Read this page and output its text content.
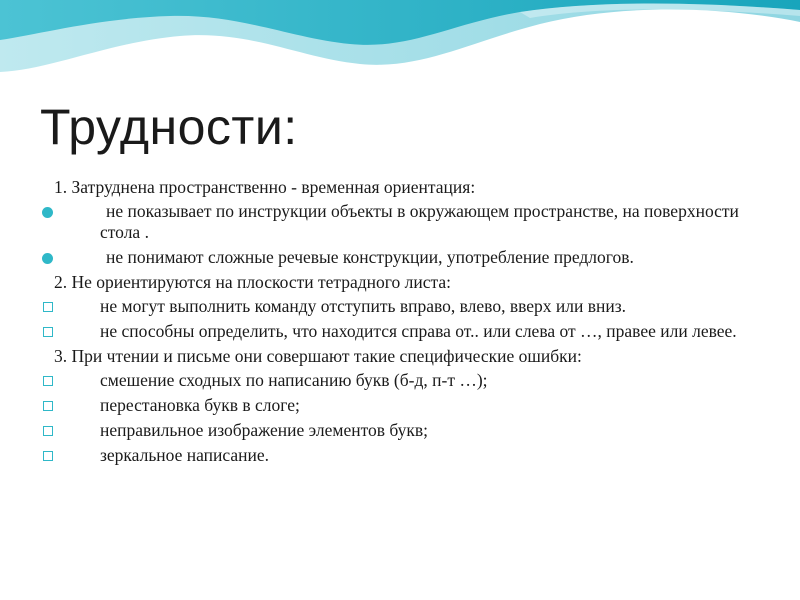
Трудности:
1. Затруднена пространственно - временная ориентация:
не показывает по инструкции объекты в окружающем пространстве, на поверхности стола .
не понимают сложные речевые конструкции, употребление предлогов.
2. Не ориентируются на плоскости тетрадного листа:
не могут выполнить команду отступить вправо, влево, вверх или вниз.
не способны определить, что находится справа от.. или слева от …, правее или левее.
3. При чтении и письме они совершают такие специфические ошибки:
смешение сходных по написанию букв (б-д, п-т …);
перестановка букв в слоге;
неправильное изображение элементов букв;
зеркальное написание.
